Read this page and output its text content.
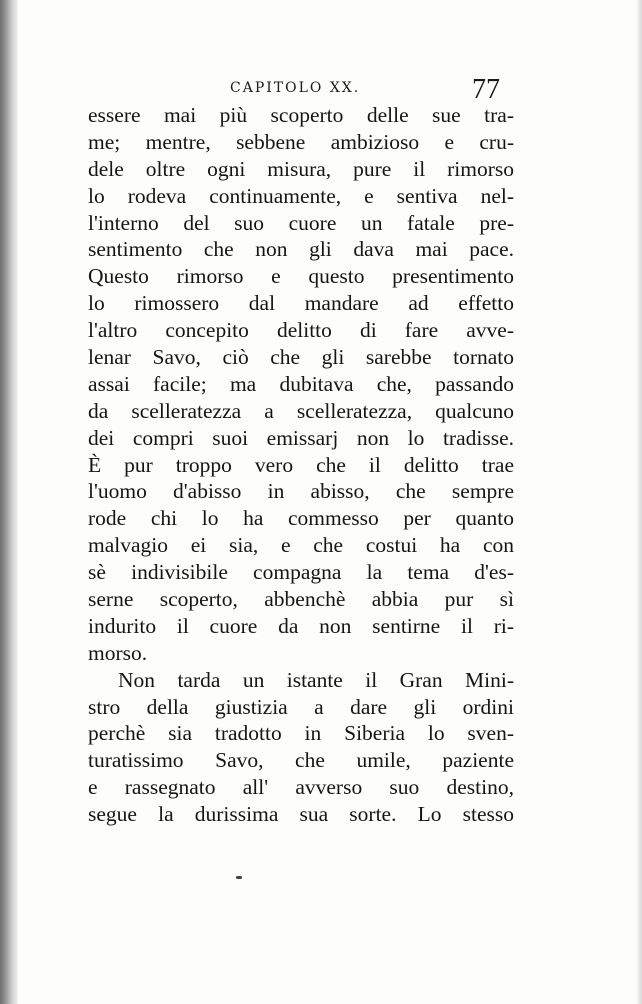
CAPITOLO XX.	77
essere mai più scoperto delle sue tra-
me; mentre, sebbene ambizioso e cru-
dele oltre ogni misura, pure il rimorso
lo rodeva continuamente, e sentiva nel-
l'interno del suo cuore un fatale pre-
sentimento che non gli dava mai pace.
Questo rimorso e questo presentimento
lo rimossero dal mandare ad effetto
l'altro concepito delitto di fare avve-
lenar Savo, ciò che gli sarebbe tornato
assai facile; ma dubitava che, passando
da scelleratezza a scelleratezza, qualcuno
dei compri suoi emissarj non lo tradisse.
È pur troppo vero che il delitto trae
l'uomo d'abisso in abisso, che sempre
rode chi lo ha commesso per quanto
malvagio ei sia, e che costui ha con
sè indivisibile compagna la tema d'es-
serne scoperto, abbenchè abbia pur sì
indurito il cuore da non sentirne il ri-
morso.
Non tarda un istante il Gran Mini-
stro della giustizia a dare gli ordini
perchè sia tradotto in Siberia lo sven-
turatissimo Savo, che umile, paziente
e rassegnato all' avverso suo destino,
segue la durissima sua sorte. Lo stesso
